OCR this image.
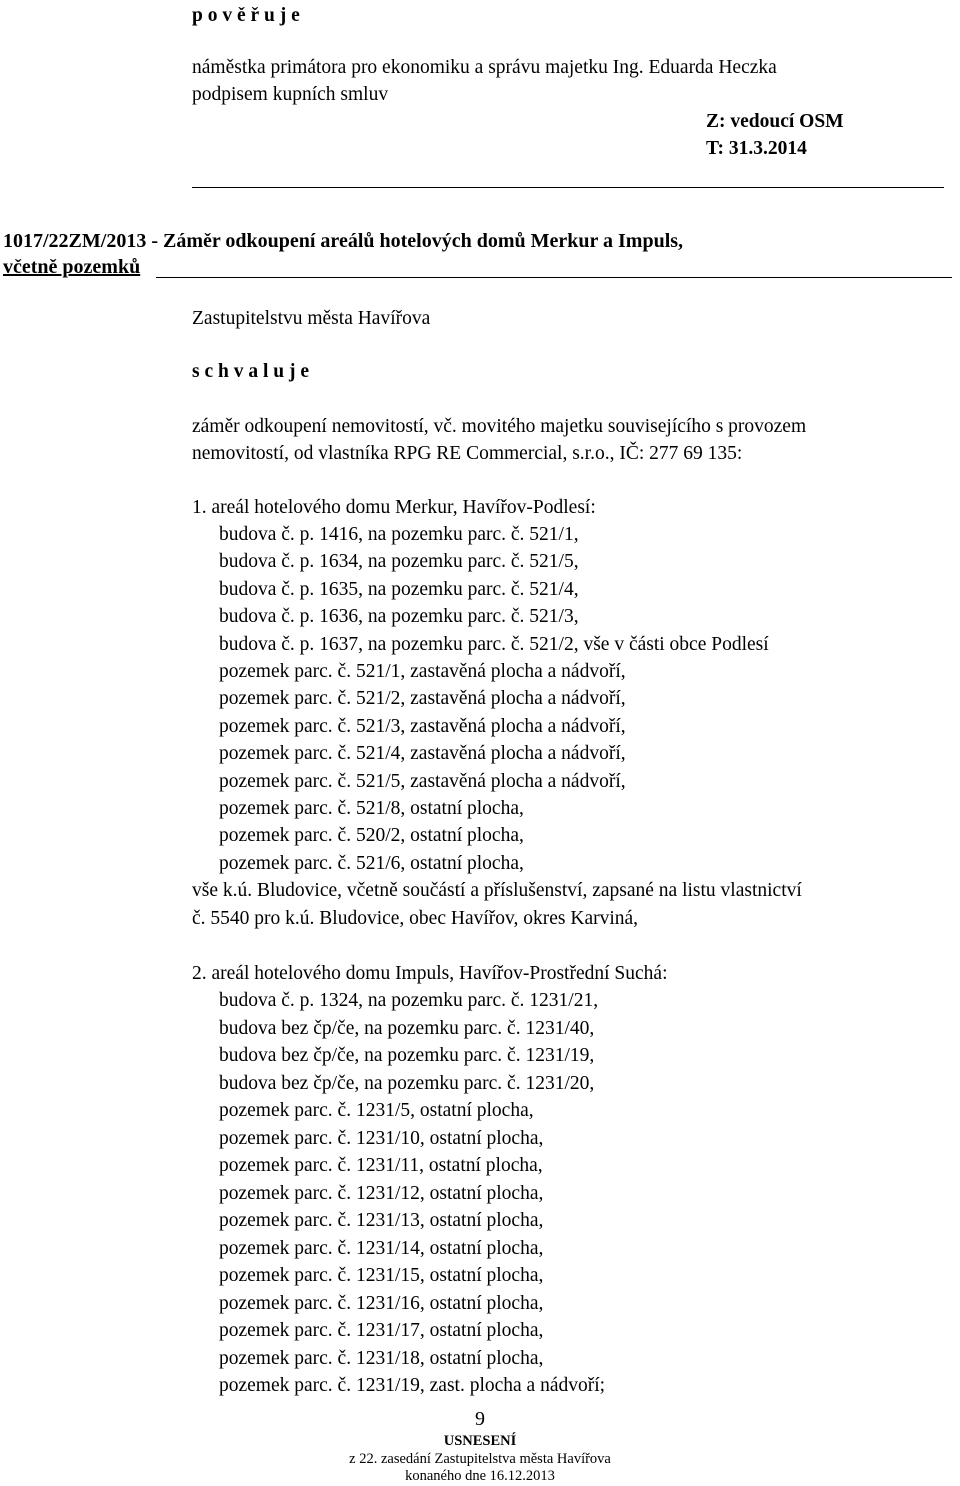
p o v ě ř u j e
náměstka primátora pro ekonomiku a správu majetku Ing. Eduarda Heczka
podpisem kupních smluv
Z: vedoucí OSM
T: 31.3.2014
1017/22ZM/2013 - Záměr odkoupení areálů hotelových domů Merkur a Impuls,
včetně pozemků
Zastupitelstvu města Havířova
s c h v a l u j e
záměr odkoupení nemovitostí, vč. movitého majetku souvisejícího s provozem
nemovitostí, od vlastníka RPG RE Commercial, s.r.o., IČ: 277 69 135:
1. areál hotelového domu Merkur, Havířov-Podlesí:
budova č. p. 1416, na pozemku parc. č. 521/1,
budova č. p. 1634, na pozemku parc. č. 521/5,
budova č. p. 1635, na pozemku parc. č. 521/4,
budova č. p. 1636, na pozemku parc. č. 521/3,
budova č. p. 1637, na pozemku parc. č. 521/2, vše v části obce Podlesí
pozemek parc. č. 521/1, zastavěná plocha a nádvoří,
pozemek parc. č. 521/2, zastavěná plocha a nádvoří,
pozemek parc. č. 521/3, zastavěná plocha a nádvoří,
pozemek parc. č. 521/4, zastavěná plocha a nádvoří,
pozemek parc. č. 521/5, zastavěná plocha a nádvoří,
pozemek parc. č. 521/8, ostatní plocha,
pozemek parc. č. 520/2, ostatní plocha,
pozemek parc. č. 521/6, ostatní plocha,
vše k.ú. Bludovice, včetně součástí a příslušenství, zapsané na listu vlastnictví
č. 5540 pro k.ú. Bludovice, obec Havířov, okres Karviná,
2. areál hotelového domu Impuls, Havířov-Prostřední Suchá:
budova č. p. 1324, na pozemku parc. č. 1231/21,
budova bez čp/če, na pozemku parc. č. 1231/40,
budova bez čp/če, na pozemku parc. č. 1231/19,
budova bez čp/če, na pozemku parc. č. 1231/20,
pozemek parc. č. 1231/5, ostatní plocha,
pozemek parc. č. 1231/10, ostatní plocha,
pozemek parc. č. 1231/11, ostatní plocha,
pozemek parc. č. 1231/12, ostatní plocha,
pozemek parc. č. 1231/13, ostatní plocha,
pozemek parc. č. 1231/14, ostatní plocha,
pozemek parc. č. 1231/15, ostatní plocha,
pozemek parc. č. 1231/16, ostatní plocha,
pozemek parc. č. 1231/17, ostatní plocha,
pozemek parc. č. 1231/18, ostatní plocha,
pozemek parc. č. 1231/19, zast. plocha a nádvoří;
9
USNESENÍ
z 22. zasedání Zastupitelstva města Havířova
konaného dne 16.12.2013
